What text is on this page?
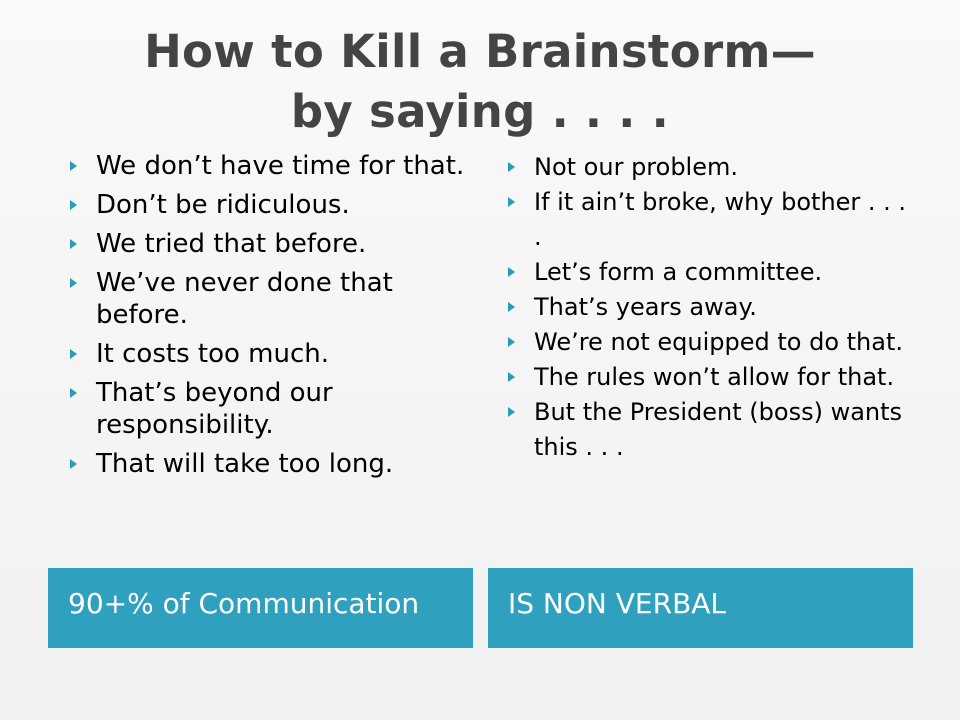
How to Kill a Brainstorm—
by saying . . . .
We don’t have time for that.
Don’t be ridiculous.
We tried that before.
We’ve never done that before.
It costs too much.
That’s beyond our responsibility.
That will take too long.
Not our problem.
If it ain’t broke, why bother . . . .
Let’s form a committee.
That’s years away.
We’re not equipped to do that.
The rules won’t allow for that.
But the President (boss) wants this . . .
90+% of Communication	IS NON VERBAL
